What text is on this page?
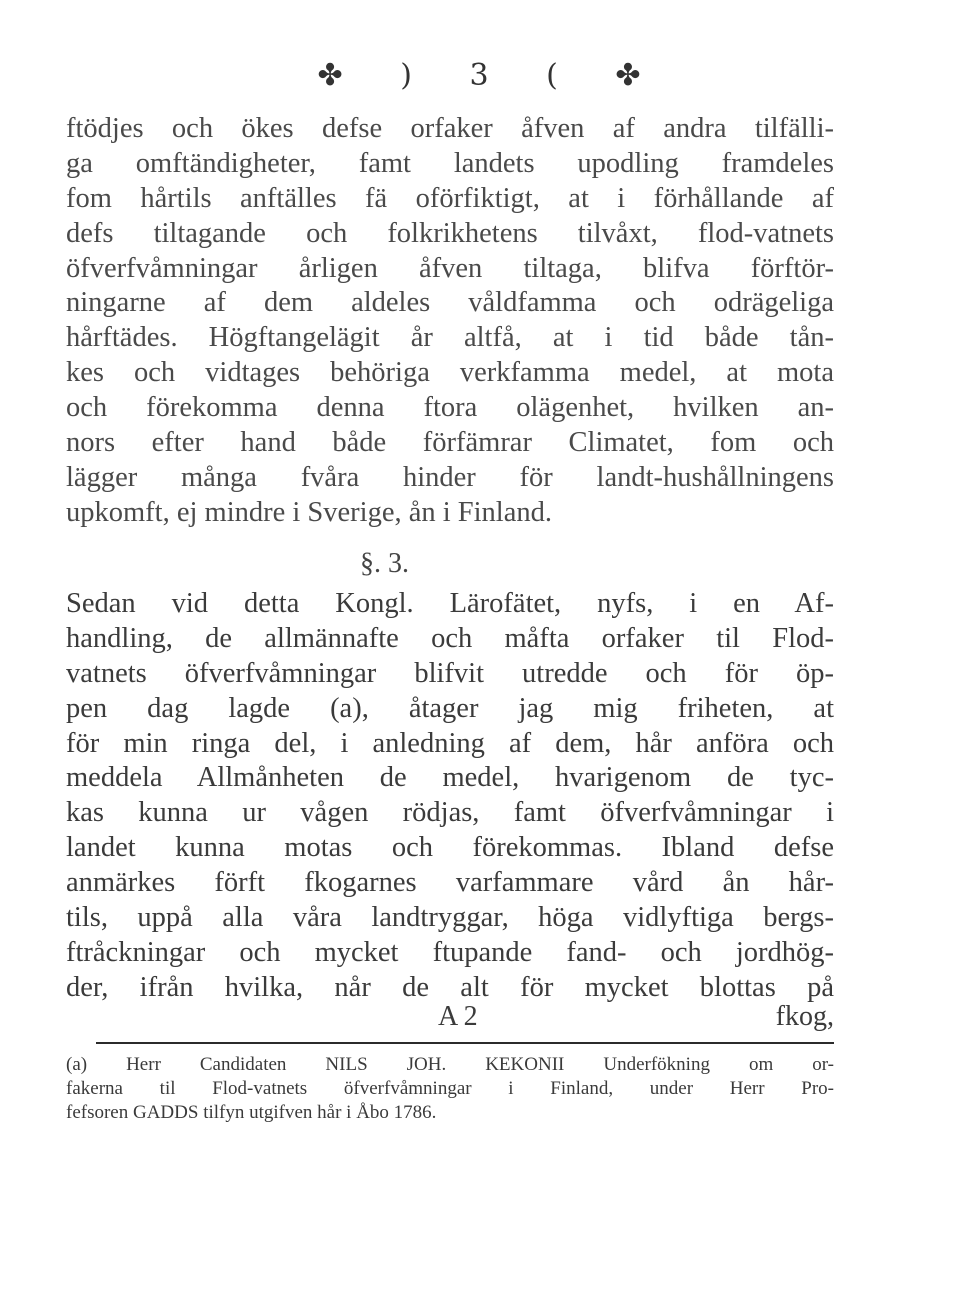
✤ ) 3 ( ✤
ftödjes och ökes defse orfaker åfven af andra tilfälli-
ga omftändigheter, famt landets upodling framdeles
fom hårtils anftälles fä oförfiktigt, at i förhållande af
defs tiltagande och folkrikhetens tilvåxt, flod-vatnets
öfverfvåmningar årligen åfven tiltaga, blifva förftör-
ningarne af dem aldeles våldfamma och odrägeliga
hårftädes. Högftangelägit år altfå, at i tid både tån-
kes och vidtages behöriga verkfamma medel, at mota
och förekomma denna ftora olägenhet, hvilken an-
nors efter hand både förfämrar Climatet, fom och
lägger många fvåra hinder för landt-hushållningens
upkomft, ej mindre i Sverige, ån i Finland.
§. 3.
Sedan vid detta Kongl. Lärofätet, nyfs, i en Af-
handling, de allmännafte och måfta orfaker til Flod-
vatnets öfverfvåmningar blifvit utredde och för öp-
pen dag lagde (a), åtager jag mig friheten, at
för min ringa del, i anledning af dem, hår anföra och
meddela Allmånheten de medel, hvarigenom de tyc-
kas kunna ur vågen rödjas, famt öfverfvåmningar i
landet kunna motas och förekommas. Ibland defse
anmärkes förft fkogarnes varfammare vård ån hår-
tils, uppå alla våra landtryggar, höga vidlyftiga bergs-
ftråckningar och mycket ftupande fand- och jordhög-
der, ifrån hvilka, når de alt för mycket blottas på
A 2	fkog,
(a) Herr Candidaten NILS JOH. KEKONII Underfökning om or-
fakerna til Flod-vatnets öfverfvåmningar i Finland, under Herr Pro-
fefsoren GADDS tilfyn utgifven hår i Åbo 1786.
